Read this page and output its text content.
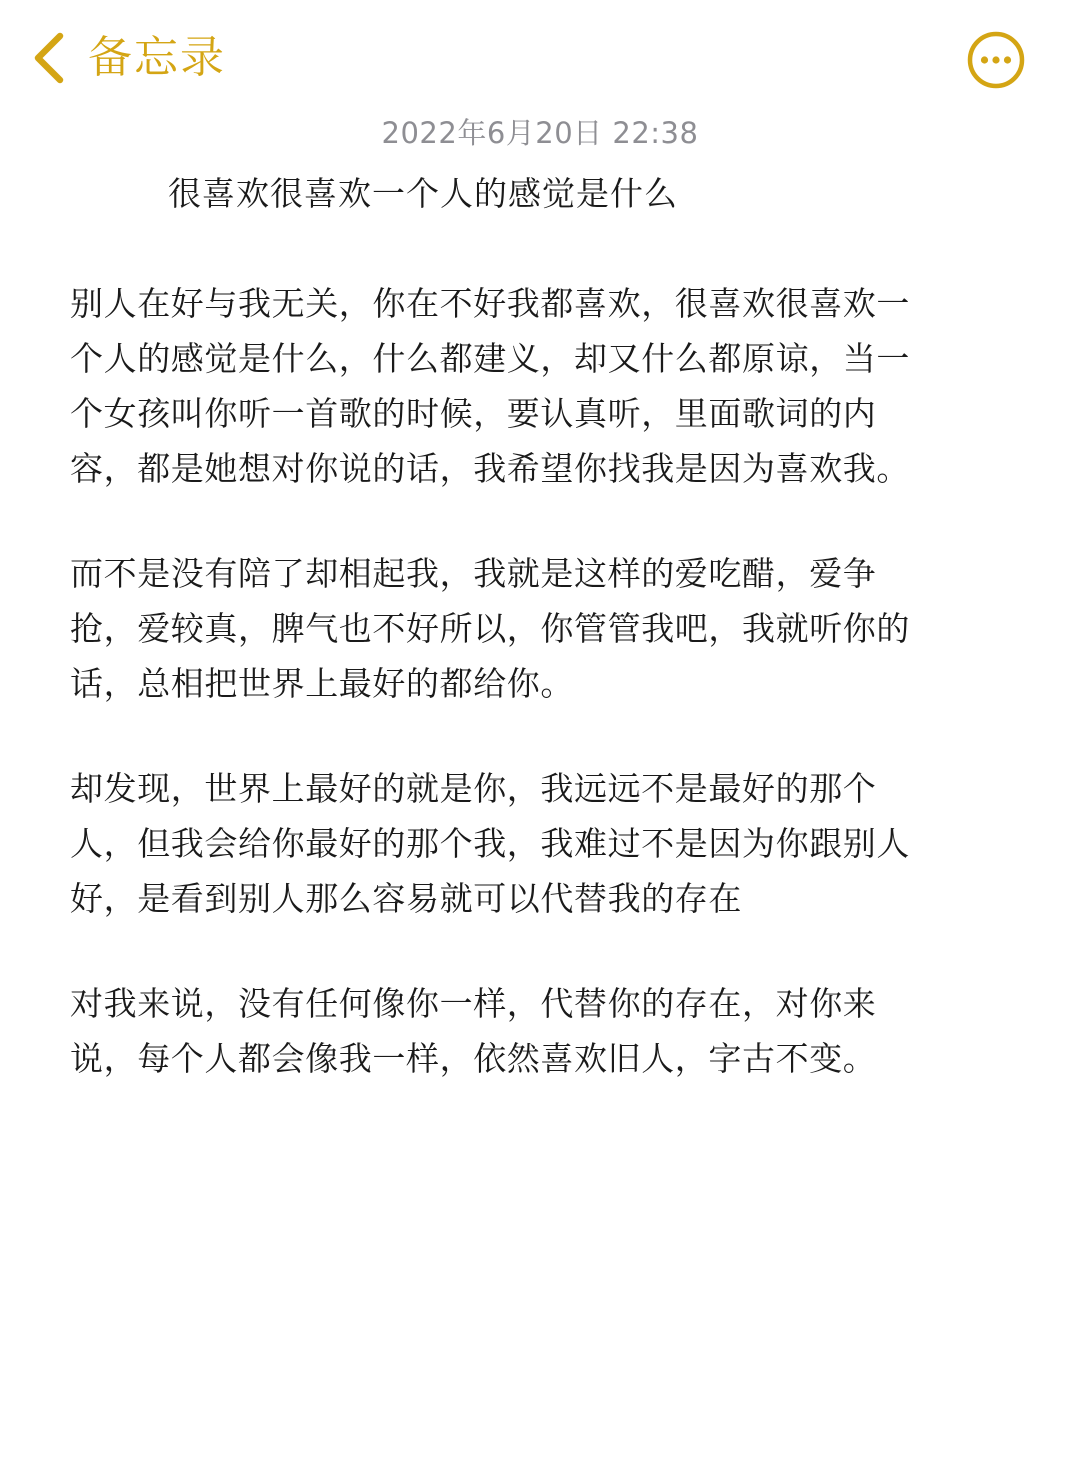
备忘录
2022年6月20日 22:38
很喜欢很喜欢一个人的感觉是什么

别人在好与我无关，你在不好我都喜欢，很喜欢很喜欢一
个人的感觉是什么，什么都建义，却又什么都原谅，当一
个女孩叫你听一首歌的时候，要认真听，里面歌词的内
容，都是她想对你说的话，我希望你找我是因为喜欢我。

而不是没有陪了却相起我，我就是这样的爱吃醋，爱争
抢，爱较真，脾气也不好所以，你管管我吧，我就听你的
话，总相把世界上最好的都给你。

却发现，世界上最好的就是你，我远远不是最好的那个
人，但我会给你最好的那个我，我难过不是因为你跟别人
好，是看到别人那么容易就可以代替我的存在

对我来说，没有任何像你一样，代替你的存在，对你来
说，每个人都会像我一样，依然喜欢旧人，字古不变。
